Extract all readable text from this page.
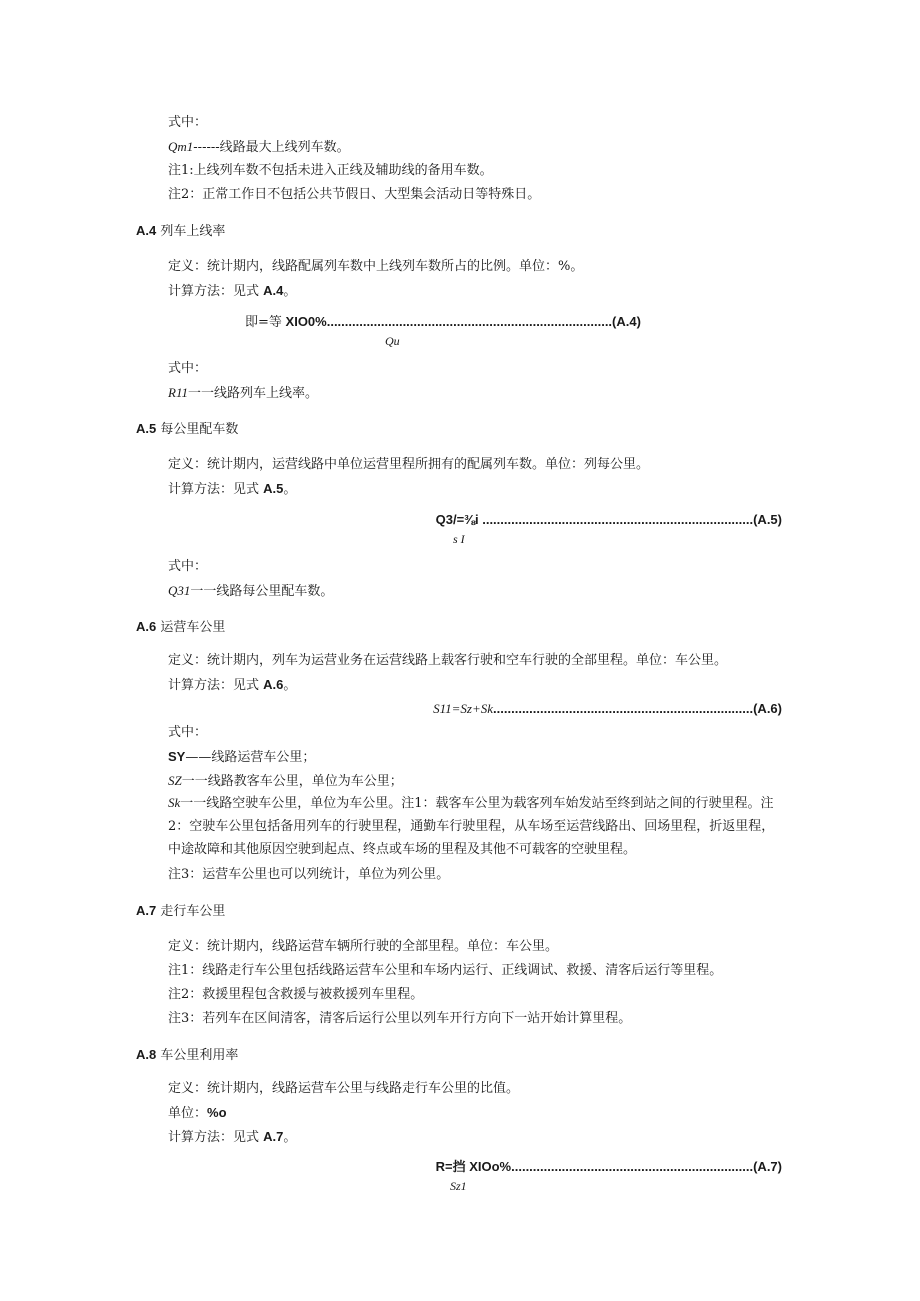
式中：
Qm1------线路最大上线列车数。
注1:上线列车数不包括未进入正线及辅助线的备用车数。
注2：正常工作日不包括公共节假日、大型集会活动日等特殊日。
A.4 列车上线率
定义：统计期内，线路配属列车数中上线列车数所占的比例。单位：%。
计算方法：见式 A.4。
即=等 XIO0%...............................................................................(A.4)
Qu
式中：
R11一一线路列车上线率。
A.5 每公里配车数
定义：统计期内，运营线路中单位运营里程所拥有的配属列车数。单位：列每公里。
计算方法：见式 A.5。
Q3/=⅜i ...........................................................................(A.5)
s I
式中：
Q31一一线路每公里配车数。
A.6 运营车公里
定义：统计期内，列车为运营业务在运营线路上载客行驶和空车行驶的全部里程。单位：车公里。
计算方法：见式 A.6。
S11=Sz+Sk........................................................................(A.6)
式中：
SY——线路运营车公里；
SZ一一线路教客车公里，单位为车公里；
Sk一一线路空驶车公里，单位为车公里。注1：载客车公里为载客列车始发站至终到站之间的行驶里程。注2：空驶车公里包括备用列车的行驶里程，通勤车行驶里程，从车场至运营线路出、回场里程，折返里程，中途故障和其他原因空驶到起点、终点或车场的里程及其他不可载客的空驶里程。
注3：运营车公里也可以列统计，单位为列公里。
A.7 走行车公里
定义：统计期内，线路运营车辆所行驶的全部里程。单位：车公里。
注1：线路走行车公里包括线路运营车公里和车场内运行、正线调试、救援、清客后运行等里程。
注2：救援里程包含救援与被救援列车里程。
注3：若列车在区间清客，清客后运行公里以列车开行方向下一站开始计算里程。
A.8 车公里利用率
定义：统计期内，线路运营车公里与线路走行车公里的比值。
单位：%o
计算方法：见式 A.7。
R=挡 XIOo%...................................................................(A.7)
Sz1
